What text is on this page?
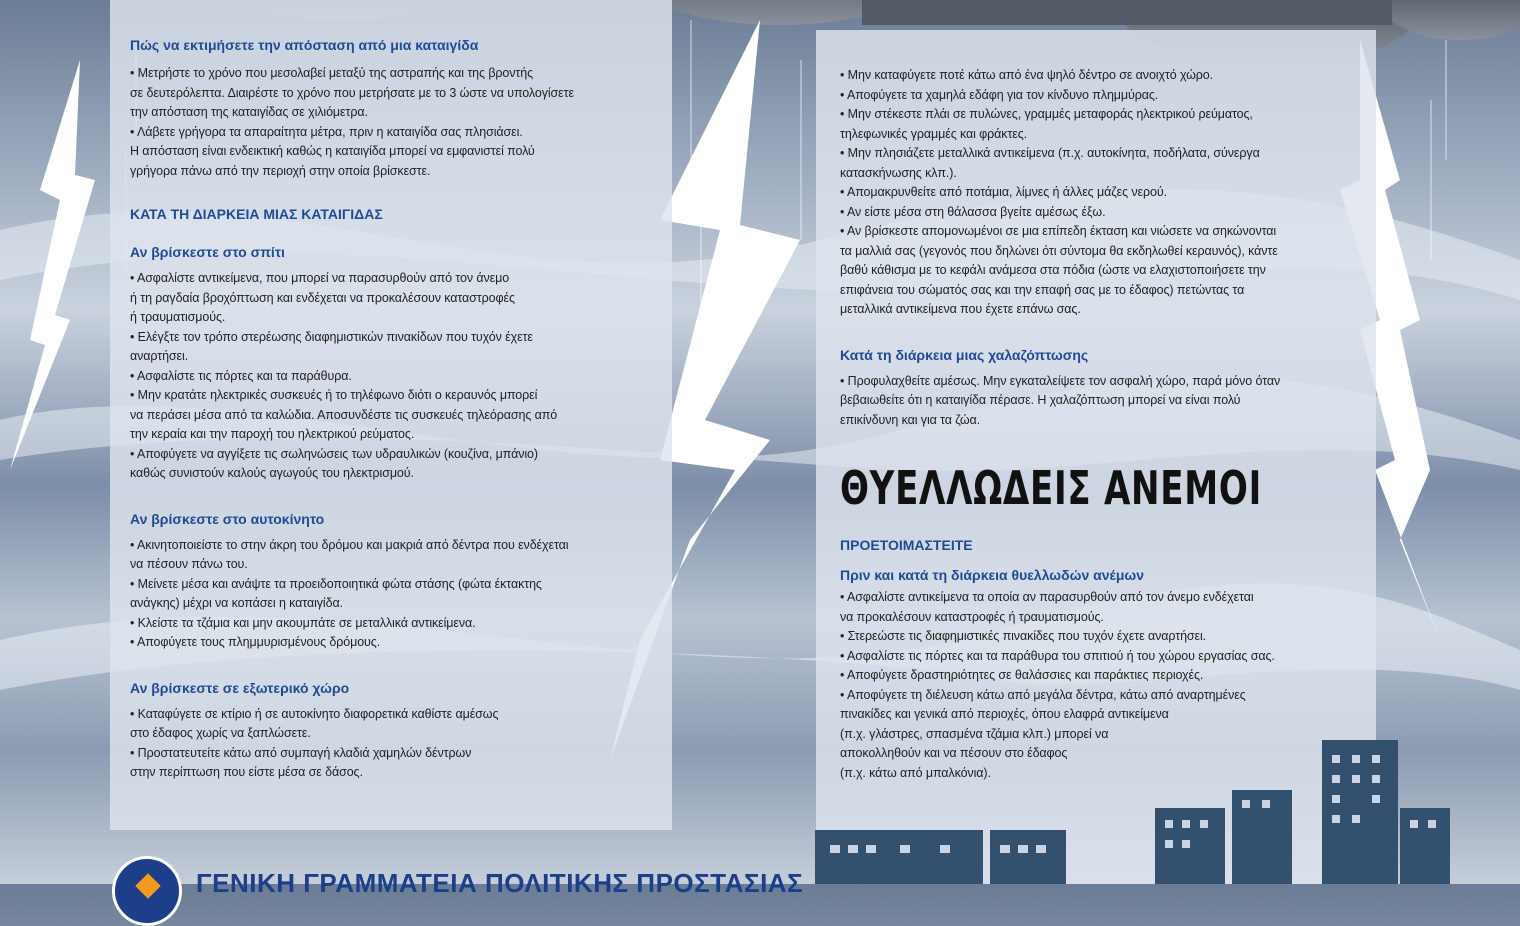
Πώς να εκτιμήσετε την απόσταση από μια καταιγίδα
• Μετρήστε το χρόνο που μεσολαβεί μεταξύ της αστραπής και της βροντής
σε δευτερόλεπτα. Διαιρέστε το χρόνο που μετρήσατε με το 3 ώστε να υπολογίσετε
την απόσταση της καταιγίδας σε χιλιόμετρα.
• Λάβετε γρήγορα τα απαραίτητα μέτρα, πριν η καταιγίδα σας πλησιάσει.
Η απόσταση είναι ενδεικτική καθώς η καταιγίδα μπορεί να εμφανιστεί πολύ
γρήγορα πάνω από την περιοχή στην οποία βρίσκεστε.
ΚΑΤΑ ΤΗ ΔΙΑΡΚΕΙΑ ΜΙΑΣ ΚΑΤΑΙΓΙΔΑΣ
Αν βρίσκεστε στο σπίτι
• Ασφαλίστε αντικείμενα, που μπορεί να παρασυρθούν από τον άνεμο
ή τη ραγδαία βροχόπτωση και ενδέχεται να προκαλέσουν καταστροφές
ή τραυματισμούς.
• Ελέγξτε τον τρόπο στερέωσης διαφημιστικών πινακίδων που τυχόν έχετε
αναρτήσει.
• Ασφαλίστε τις πόρτες και τα παράθυρα.
• Μην κρατάτε ηλεκτρικές συσκευές ή το τηλέφωνο διότι ο κεραυνός μπορεί
να περάσει μέσα από τα καλώδια. Αποσυνδέστε τις συσκευές τηλεόρασης από
την κεραία και την παροχή του ηλεκτρικού ρεύματος.
• Αποφύγετε να αγγίξετε τις σωληνώσεις των υδραυλικών (κουζίνα, μπάνιο)
καθώς συνιστούν καλούς αγωγούς του ηλεκτρισμού.
Αν βρίσκεστε στο αυτοκίνητο
• Ακινητοποιείστε το στην άκρη του δρόμου και μακριά από δέντρα που ενδέχεται
να πέσουν πάνω του.
• Μείνετε μέσα και ανάψτε τα προειδοποιητικά φώτα στάσης (φώτα έκτακτης
ανάγκης) μέχρι να κοπάσει η καταιγίδα.
• Κλείστε τα τζάμια και μην ακουμπάτε σε μεταλλικά αντικείμενα.
• Αποφύγετε τους πλημμυρισμένους δρόμους.
Αν βρίσκεστε σε εξωτερικό χώρο
• Καταφύγετε σε κτίριο ή σε αυτοκίνητο διαφορετικά καθίστε αμέσως
στο έδαφος χωρίς να ξαπλώσετε.
• Προστατευτείτε κάτω από συμπαγή κλαδιά χαμηλών δέντρων
στην περίπτωση που είστε μέσα σε δάσος.
• Μην καταφύγετε ποτέ κάτω από ένα ψηλό δέντρο σε ανοιχτό χώρο.
• Αποφύγετε τα χαμηλά εδάφη για τον κίνδυνο πλημμύρας.
• Μην στέκεστε πλάι σε πυλώνες, γραμμές μεταφοράς ηλεκτρικού ρεύματος,
τηλεφωνικές γραμμές και φράκτες.
• Μην πλησιάζετε μεταλλικά αντικείμενα (π.χ. αυτοκίνητα, ποδήλατα, σύνεργα
κατασκήνωσης κλπ.).
• Απομακρυνθείτε από ποτάμια, λίμνες ή άλλες μάζες νερού.
• Αν είστε μέσα στη θάλασσα βγείτε αμέσως έξω.
• Αν βρίσκεστε απομονωμένοι σε μια επίπεδη έκταση και νιώσετε να σηκώνονται
τα μαλλιά σας (γεγονός που δηλώνει ότι σύντομα θα εκδηλωθεί κεραυνός), κάντε
βαθύ κάθισμα με το κεφάλι ανάμεσα στα πόδια (ώστε να ελαχιστοποιήσετε την
επιφάνεια του σώματός σας και την επαφή σας με το έδαφος) πετώντας τα
μεταλλικά αντικείμενα που έχετε επάνω σας.
Κατά τη διάρκεια μιας χαλαζόπτωσης
• Προφυλαχθείτε αμέσως. Μην εγκαταλείψετε τον ασφαλή χώρο, παρά μόνο όταν
βεβαιωθείτε ότι η καταιγίδα πέρασε. Η χαλαζόπτωση μπορεί να είναι πολύ
επικίνδυνη και για τα ζώα.
ΘΥΕΛΛΩΔΕΙΣ ΑΝΕΜΟΙ
ΠΡΟΕΤΟΙΜΑΣΤΕΙΤΕ
Πριν και κατά τη διάρκεια θυελλωδών ανέμων
• Ασφαλίστε αντικείμενα τα οποία αν παρασυρθούν από τον άνεμο ενδέχεται
να προκαλέσουν καταστροφές ή τραυματισμούς.
• Στερεώστε τις διαφημιστικές πινακίδες που τυχόν έχετε αναρτήσει.
• Ασφαλίστε τις πόρτες και τα παράθυρα του σπιτιού ή του χώρου εργασίας σας.
• Αποφύγετε δραστηριότητες σε θαλάσσιες και παράκτιες περιοχές.
• Αποφύγετε τη διέλευση κάτω από μεγάλα δέντρα, κάτω από αναρτημένες
πινακίδες και γενικά από περιοχές, όπου ελαφρά αντικείμενα
(π.χ. γλάστρες, σπασμένα τζάμια κλπ.) μπορεί να
αποκολληθούν και να πέσουν στο έδαφος
(π.χ. κάτω από μπαλκόνια).
ΓΕΝΙΚΗ ΓΡΑΜΜΑΤΕΙΑ ΠΟΛΙΤΙΚΗΣ ΠΡΟΣΤΑΣΙΑΣ
